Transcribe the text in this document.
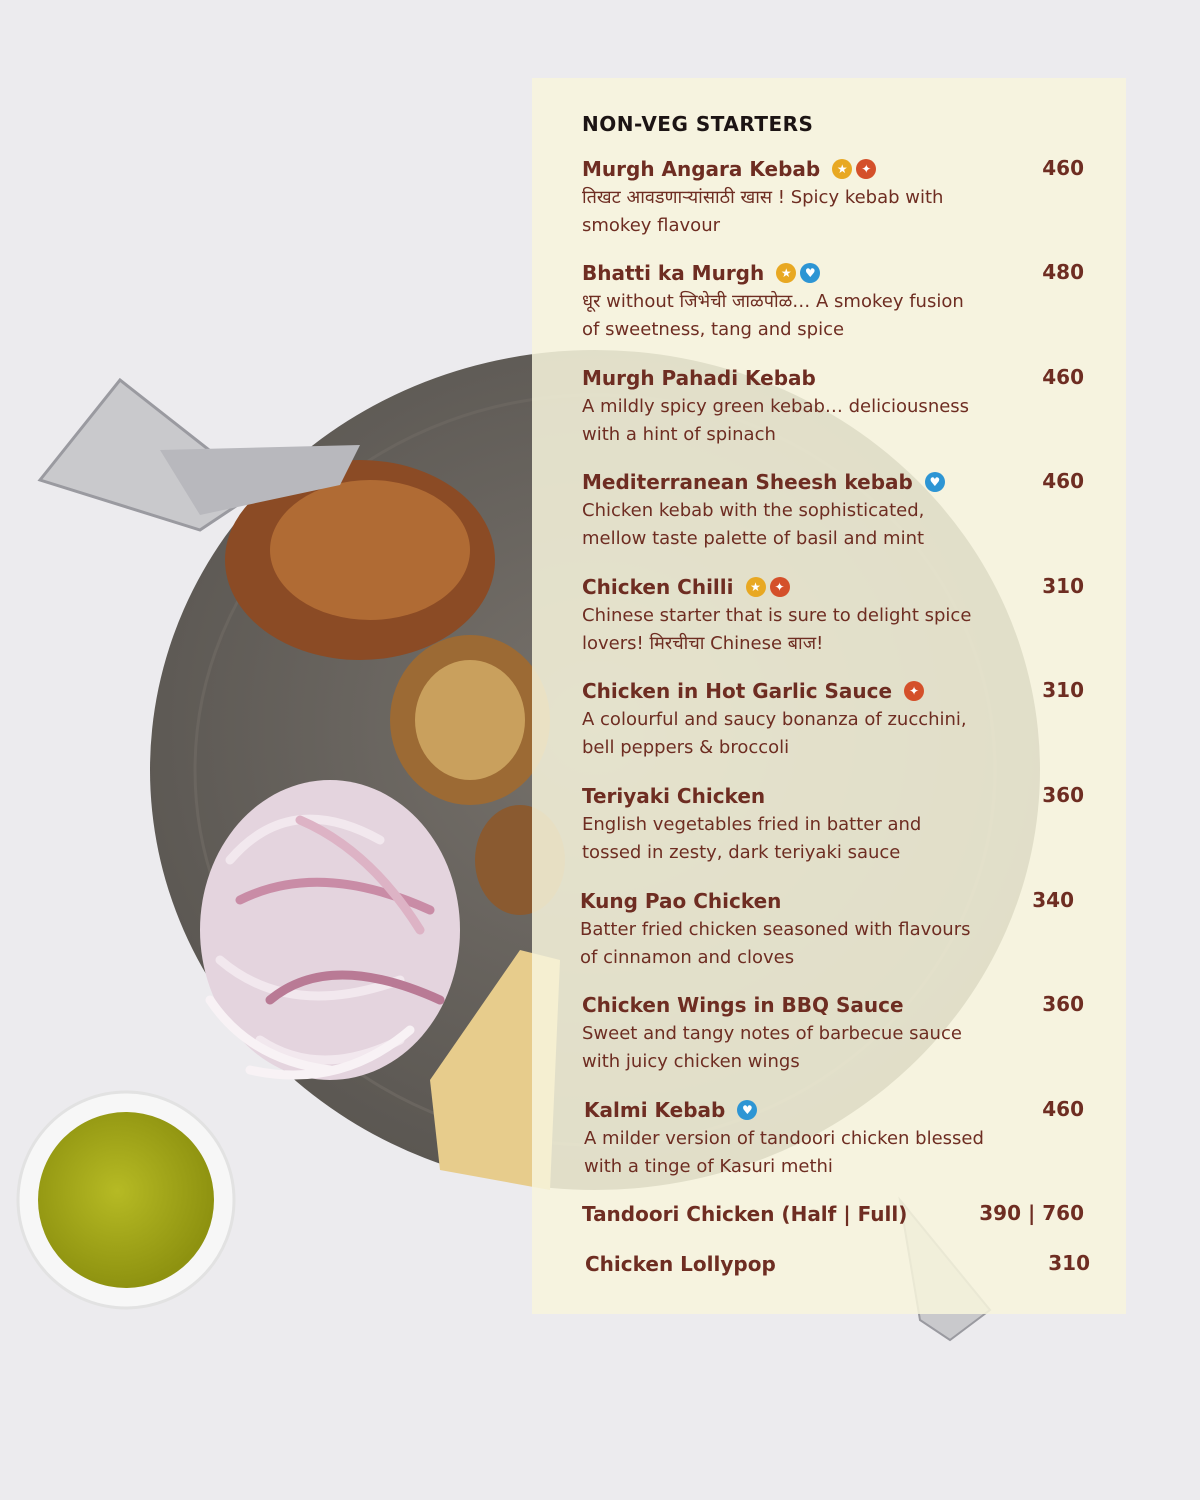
NON-VEG STARTERS
Murgh Angara Kebab	★	✦	460
तिखट आवडणाऱ्यांसाठी खास ! Spicy kebab with smokey flavour
Bhatti ka Murgh	★	♥	480
धूर without जिभेची जाळपोळ… A smokey fusion of sweetness, tang and spice
Murgh Pahadi Kebab	460
A mildly spicy green kebab… deliciousness with a hint of spinach
Mediterranean Sheesh kebab	♥	460
Chicken kebab with the sophisticated, mellow taste palette of basil and mint
Chicken Chilli	★	✦	310
Chinese starter that is sure to delight spice lovers! मिरचीचा Chinese बाज!
Chicken in Hot Garlic Sauce	✦	310
A colourful and saucy bonanza of zucchini, bell peppers & broccoli
Teriyaki Chicken	360
English vegetables fried in batter and tossed in zesty, dark teriyaki sauce
Kung Pao Chicken	340
Batter fried chicken seasoned with flavours of cinnamon and cloves
Chicken Wings in BBQ Sauce	360
Sweet and tangy notes of barbecue sauce with juicy chicken wings
Kalmi Kebab	♥	460
A milder version of tandoori chicken blessed with a tinge of Kasuri methi
Tandoori Chicken (Half | Full)	390 | 760
Chicken Lollypop	310
